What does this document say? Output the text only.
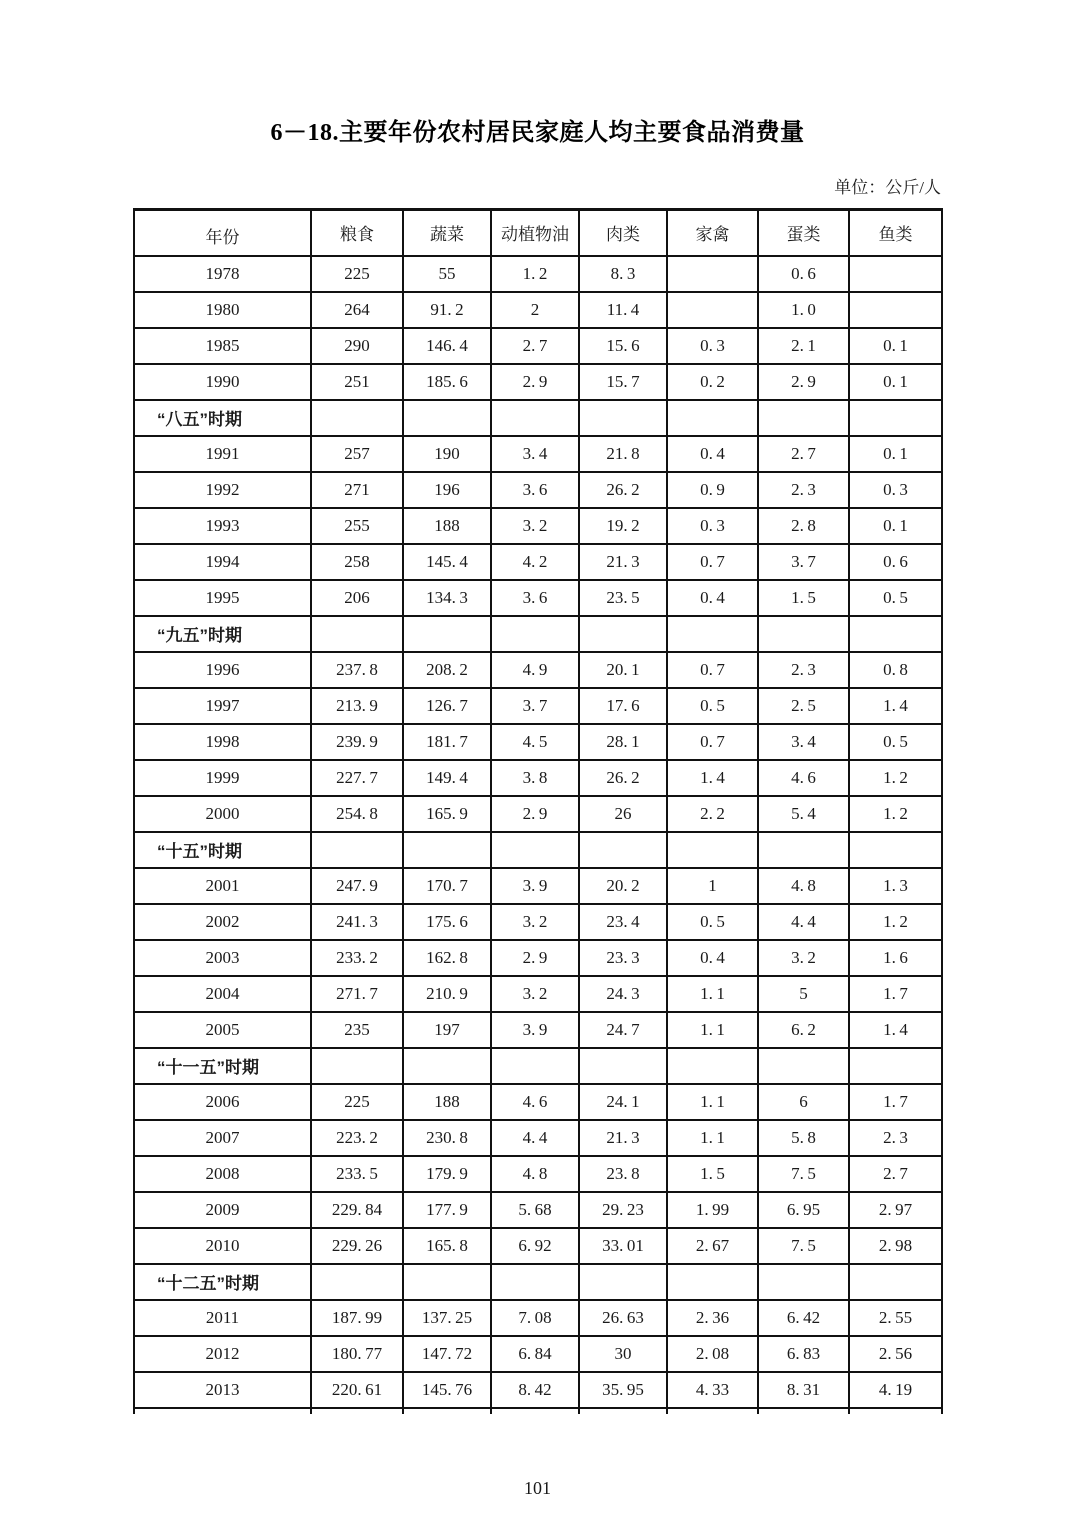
6－18.主要年份农村居民家庭人均主要食品消费量
单位：公斤/人
年份	粮食	蔬菜	动植物油	肉类	家禽	蛋类	鱼类
1978	225	55	1. 2	8. 3		0. 6	
1980	264	91. 2	2	11. 4		1. 0	
1985	290	146. 4	2. 7	15. 6	0. 3	2. 1	0. 1
1990	251	185. 6	2. 9	15. 7	0. 2	2. 9	0. 1
“八五”时期							
1991	257	190	3. 4	21. 8	0. 4	2. 7	0. 1
1992	271	196	3. 6	26. 2	0. 9	2. 3	0. 3
1993	255	188	3. 2	19. 2	0. 3	2. 8	0. 1
1994	258	145. 4	4. 2	21. 3	0. 7	3. 7	0. 6
1995	206	134. 3	3. 6	23. 5	0. 4	1. 5	0. 5
“九五”时期							
1996	237. 8	208. 2	4. 9	20. 1	0. 7	2. 3	0. 8
1997	213. 9	126. 7	3. 7	17. 6	0. 5	2. 5	1. 4
1998	239. 9	181. 7	4. 5	28. 1	0. 7	3. 4	0. 5
1999	227. 7	149. 4	3. 8	26. 2	1. 4	4. 6	1. 2
2000	254. 8	165. 9	2. 9	26	2. 2	5. 4	1. 2
“十五”时期							
2001	247. 9	170. 7	3. 9	20. 2	1	4. 8	1. 3
2002	241. 3	175. 6	3. 2	23. 4	0. 5	4. 4	1. 2
2003	233. 2	162. 8	2. 9	23. 3	0. 4	3. 2	1. 6
2004	271. 7	210. 9	3. 2	24. 3	1. 1	5	1. 7
2005	235	197	3. 9	24. 7	1. 1	6. 2	1. 4
“十一五”时期							
2006	225	188	4. 6	24. 1	1. 1	6	1. 7
2007	223. 2	230. 8	4. 4	21. 3	1. 1	5. 8	2. 3
2008	233. 5	179. 9	4. 8	23. 8	1. 5	7. 5	2. 7
2009	229. 84	177. 9	5. 68	29. 23	1. 99	6. 95	2. 97
2010	229. 26	165. 8	6. 92	33. 01	2. 67	7. 5	2. 98
“十二五”时期							
2011	187. 99	137. 25	7. 08	26. 63	2. 36	6. 42	2. 55
2012	180. 77	147. 72	6. 84	30	2. 08	6. 83	2. 56
2013	220. 61	145. 76	8. 42	35. 95	4. 33	8. 31	4. 19

101
